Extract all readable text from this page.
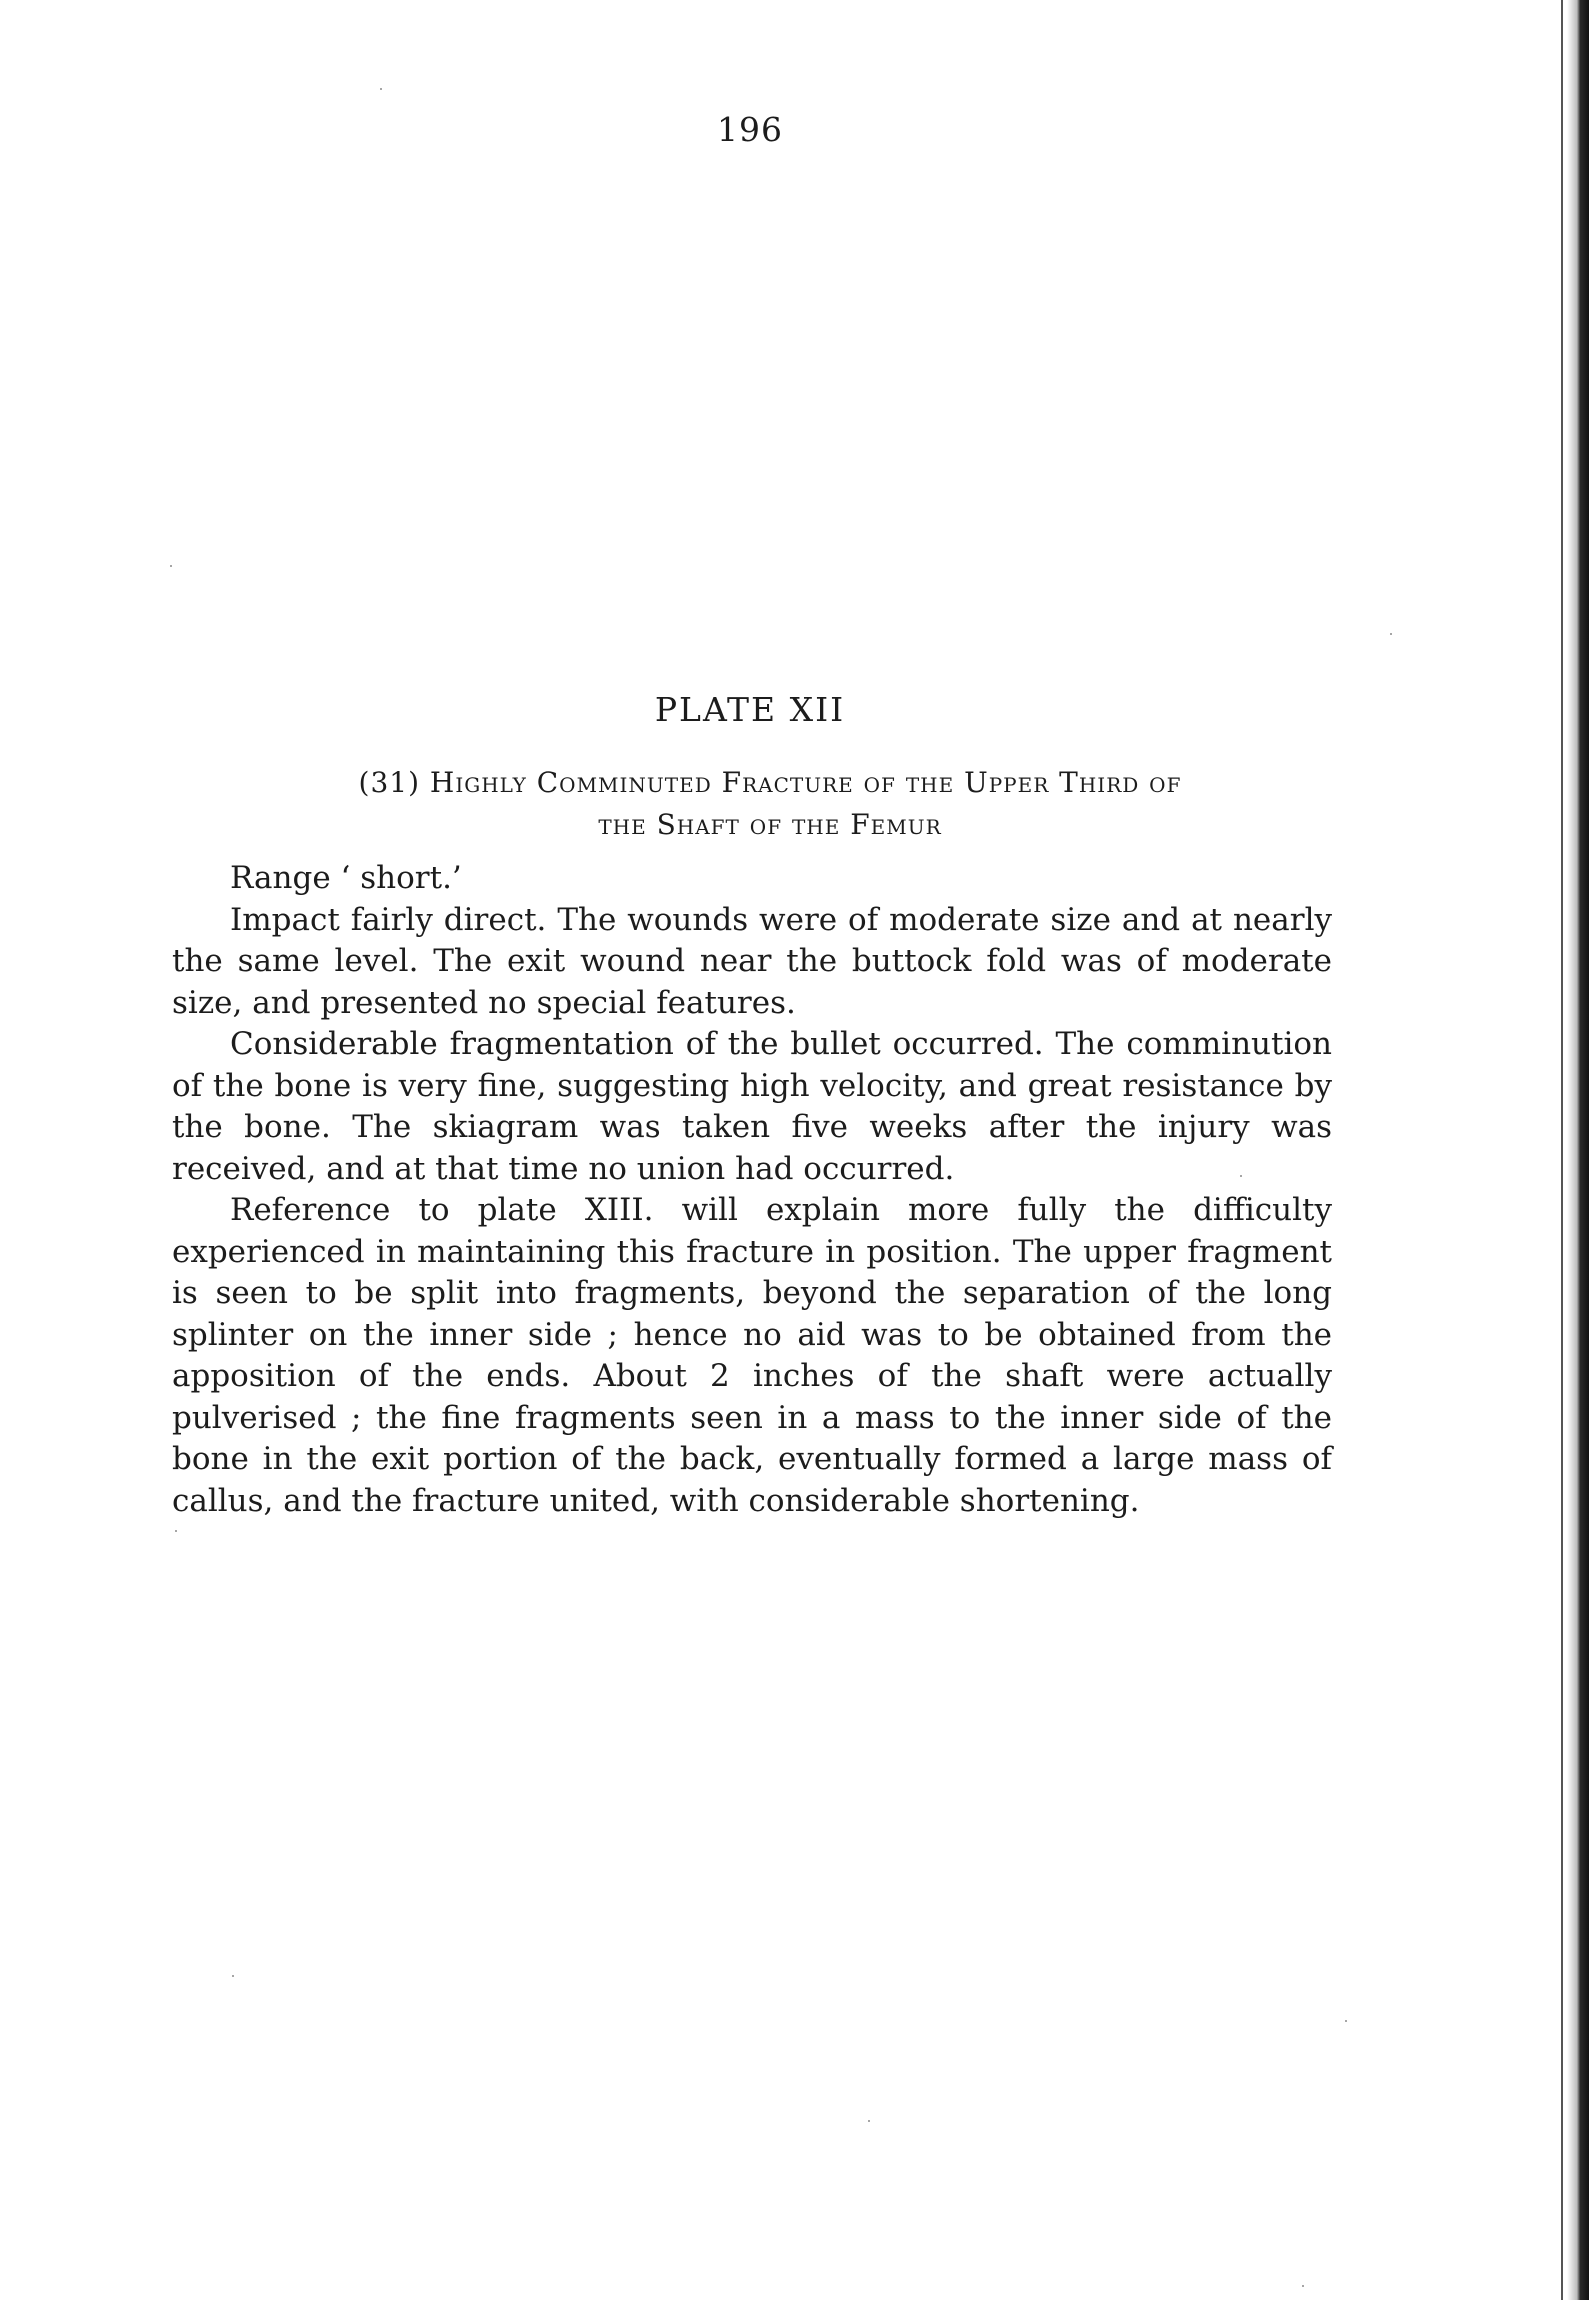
196
PLATE XII
(31) Highly Comminuted Fracture of the Upper Third of
the Shaft of the Femur

Range ‘ short.’

Impact fairly direct. The wounds were of moderate size and at nearly the same level. The exit wound near the buttock fold was of moderate size, and presented no special features.

Considerable fragmentation of the bullet occurred. The comminution of the bone is very fine, suggesting high velocity, and great resistance by the bone. The skiagram was taken five weeks after the injury was received, and at that time no union had occurred.

Reference to plate XIII. will explain more fully the difficulty experienced in maintaining this fracture in position. The upper fragment is seen to be split into fragments, beyond the separation of the long splinter on the inner side ; hence no aid was to be obtained from the apposition of the ends. About 2 inches of the shaft were actually pulverised ; the fine fragments seen in a mass to the inner side of the bone in the exit portion of the back, eventually formed a large mass of callus, and the fracture united, with considerable shortening.
